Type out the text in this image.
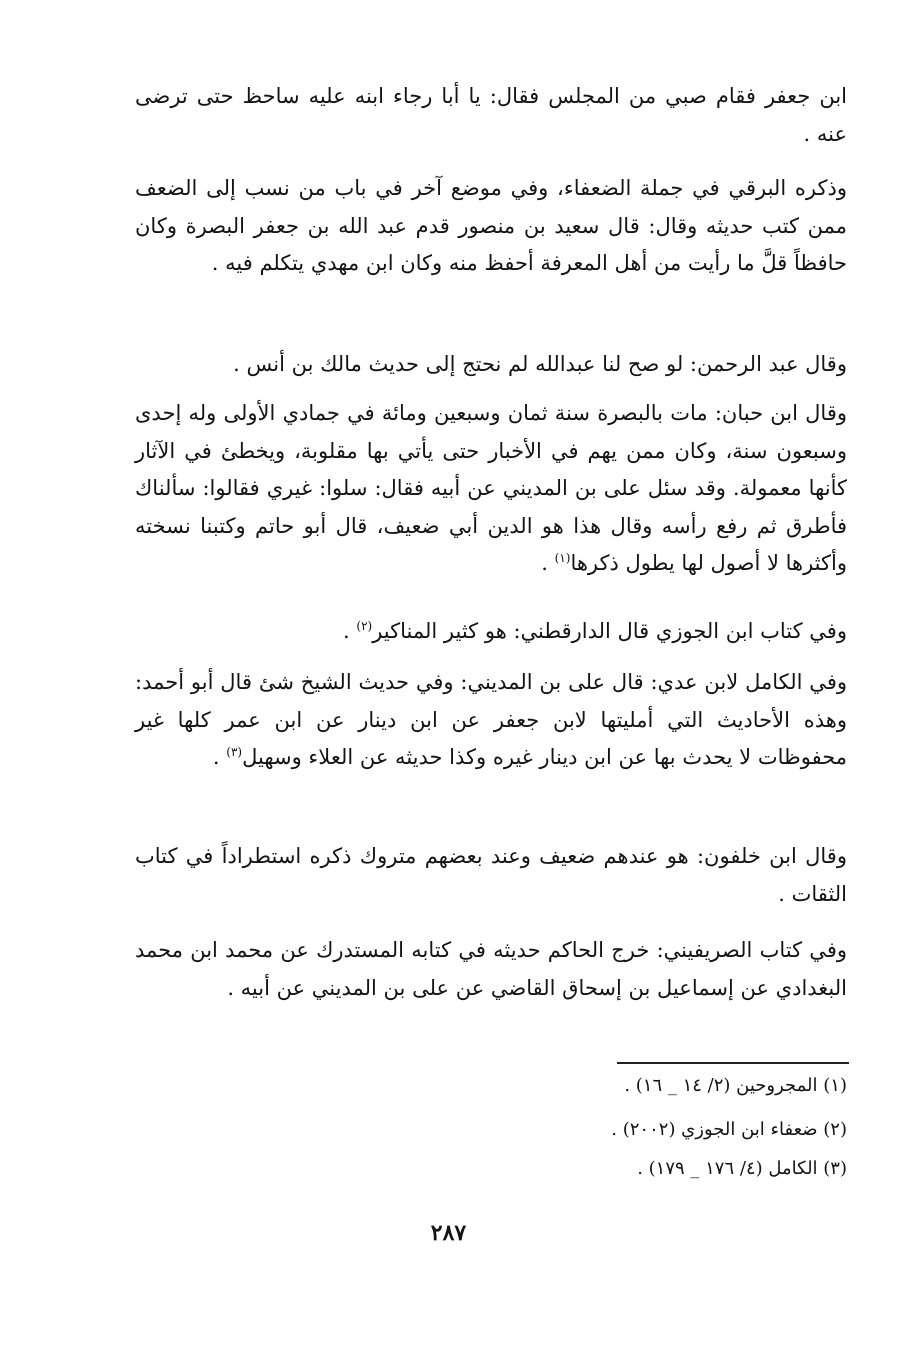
ابن جعفر فقام صبي من المجلس فقال: يا أبا رجاء ابنه عليه ساحظ حتى ترضى عنه .

وذكره البرقي في جملة الضعفاء، وفي موضع آخر في باب من نسب إلى الضعف ممن كتب حديثه وقال: قال سعيد بن منصور قدم عبد الله بن جعفر البصرة وكان حافظاً قلَّ ما رأيت من أهل المعرفة أحفظ منه وكان ابن مهدي يتكلم فيه .

وقال عبد الرحمن: لو صح لنا عبدالله لم نحتج إلى حديث مالك بن أنس .

وقال ابن حبان: مات بالبصرة سنة ثمان وسبعين ومائة في جمادي الأولى وله إحدى وسبعون سنة، وكان ممن يهم في الأخبار حتى يأتي بها مقلوبة، ويخطئ في الآثار كأنها معمولة. وقد سئل على بن المديني عن أبيه فقال: سلوا: غيري فقالوا: سألناك فأطرق ثم رفع رأسه وقال هذا هو الدين أبي ضعيف، قال أبو حاتم وكتبنا نسخته وأكثرها لا أصول لها يطول ذكرها$^{(١)}$ .

وفي كتاب ابن الجوزي قال الدارقطني: هو كثير المناكير$^{(٢)}$ .

وفي الكامل لابن عدي: قال على بن المديني: وفي حديث الشيخ شئ قال أبو أحمد: وهذه الأحاديث التي أمليتها لابن جعفر عن ابن دينار عن ابن عمر كلها غير محفوظات لا يحدث بها عن ابن دينار غيره وكذا حديثه عن العلاء وسهيل$^{(٣)}$ .

وقال ابن خلفون: هو عندهم ضعيف وعند بعضهم متروك ذكره استطراداً في كتاب الثقات .

وفي كتاب الصريفيني: خرج الحاكم حديثه في كتابه المستدرك عن محمد ابن محمد البغدادي عن إسماعيل بن إسحاق القاضي عن على بن المديني عن أبيه .

(١) المجروحين (٢/ ١٤ _ ١٦) .
(٢) ضعفاء ابن الجوزي (٢٠٠٢) .
(٣) الكامل (٤/ ١٧٦ _ ١٧٩) .
٢٨٧
